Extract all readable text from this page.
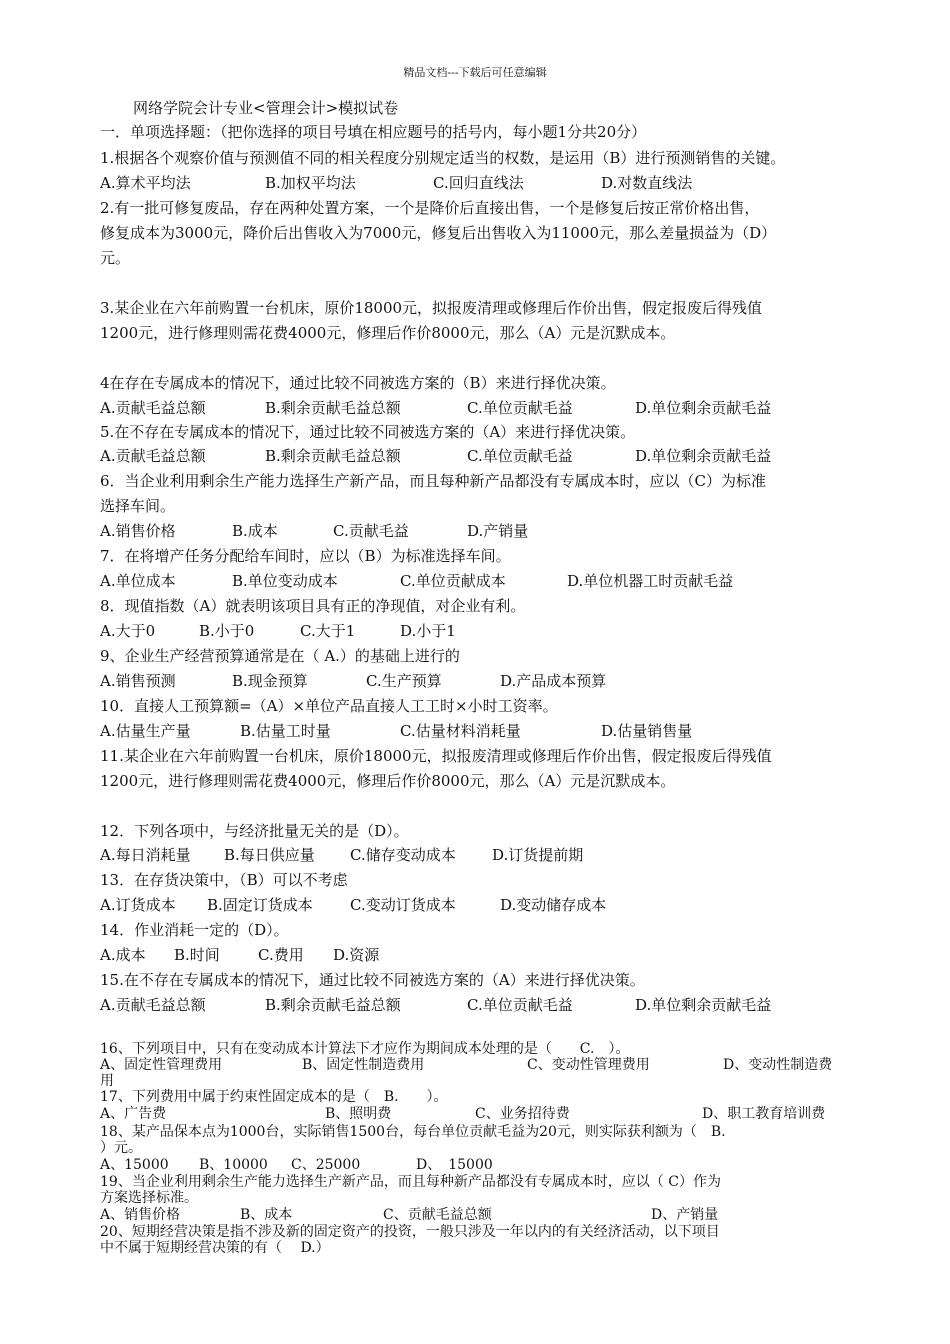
精品文档---下载后可任意编辑
网络学院会计专业<管理会计>模拟试卷
一．单项选择题：（把你选择的项目号填在相应题号的括号内，每小题1分共20分）
1.根据各个观察价值与预测值不同的相关程度分别规定适当的权数，是运用（B）进行预测销售的关键。
A.算术平均法	B.加权平均法	C.回归直线法	D.对数直线法
2.有一批可修复废品，存在两种处置方案，一个是降价后直接出售，一个是修复后按正常价格出售，
修复成本为3000元，降价后出售收入为7000元，修复后出售收入为11000元，那么差量损益为（D）
元。
3.某企业在六年前购置一台机床，原价18000元，拟报废清理或修理后作价出售，假定报废后得残值
1200元，进行修理则需花费4000元，修理后作价8000元，那么（A）元是沉默成本。
4在存在专属成本的情况下，通过比较不同被选方案的（B）来进行择优决策。
A.贡献毛益总额	B.剩余贡献毛益总额	C.单位贡献毛益	D.单位剩余贡献毛益
5.在不存在专属成本的情况下，通过比较不同被选方案的（A）来进行择优决策。
A.贡献毛益总额	B.剩余贡献毛益总额	C.单位贡献毛益	D.单位剩余贡献毛益
6．当企业利用剩余生产能力选择生产新产品，而且每种新产品都没有专属成本时，应以（C）为标准
选择车间。
A.销售价格	B.成本	C.贡献毛益	D.产销量
7．在将增产任务分配给车间时，应以（B）为标准选择车间。
A.单位成本	B.单位变动成本	C.单位贡献成本	D.单位机器工时贡献毛益
8．现值指数（A）就表明该项目具有正的净现值，对企业有利。
A.大于0	B.小于0	C.大于1	D.小于1
9、企业生产经营预算通常是在（ A.）的基础上进行的
A.销售预测	B.现金预算	C.生产预算	D.产品成本预算
10．直接人工预算额=（A）×单位产品直接人工工时×小时工资率。
A.估量生产量	B.估量工时量	C.估量材料消耗量	D.估量销售量
11.某企业在六年前购置一台机床，原价18000元，拟报废清理或修理后作价出售，假定报废后得残值
1200元，进行修理则需花费4000元，修理后作价8000元，那么（A）元是沉默成本。
12．下列各项中，与经济批量无关的是（D）。
A.每日消耗量 B.每日供应量 C.储存变动成本 D.订货提前期
13．在存货决策中，（B）可以不考虑
A.订货成本 B.固定订货成本 C.变动订货成本	D.变动储存成本
14．作业消耗一定的（D）。
A.成本 B.时间	C.费用 D.资源
15.在不存在专属成本的情况下，通过比较不同被选方案的（A）来进行择优决策。
A.贡献毛益总额	B.剩余贡献毛益总额	C.单位贡献毛益	D.单位剩余贡献毛益
16、下列项目中，只有在变动成本计算法下才应作为期间成本处理的是（　　C.　）。
A、固定性管理费用	B、固定性制造费用	C、变动性管理费用	D、变动性制造费
用
17、下列费用中属于约束性固定成本的是（　B.　　）。
A、广告费	B、照明费	C、业务招待费	D、职工教育培训费
18、某产品保本点为1000台，实际销售1500台，每台单位贡献毛益为20元，则实际获利额为（　B.
）元。
A、15000 B、10000 C、25000	D、　15000
19、当企业利用剩余生产能力选择生产新产品，而且每种新产品都没有专属成本时，应以（ C）作为
方案选择标准。
A、销售价格	B、成本	C、贡献毛益总额	D、产销量
20、短期经营决策是指不涉及新的固定资产的投资，一般只涉及一年以内的有关经济活动，以下项目
中不属于短期经营决策的有（　 D.）
